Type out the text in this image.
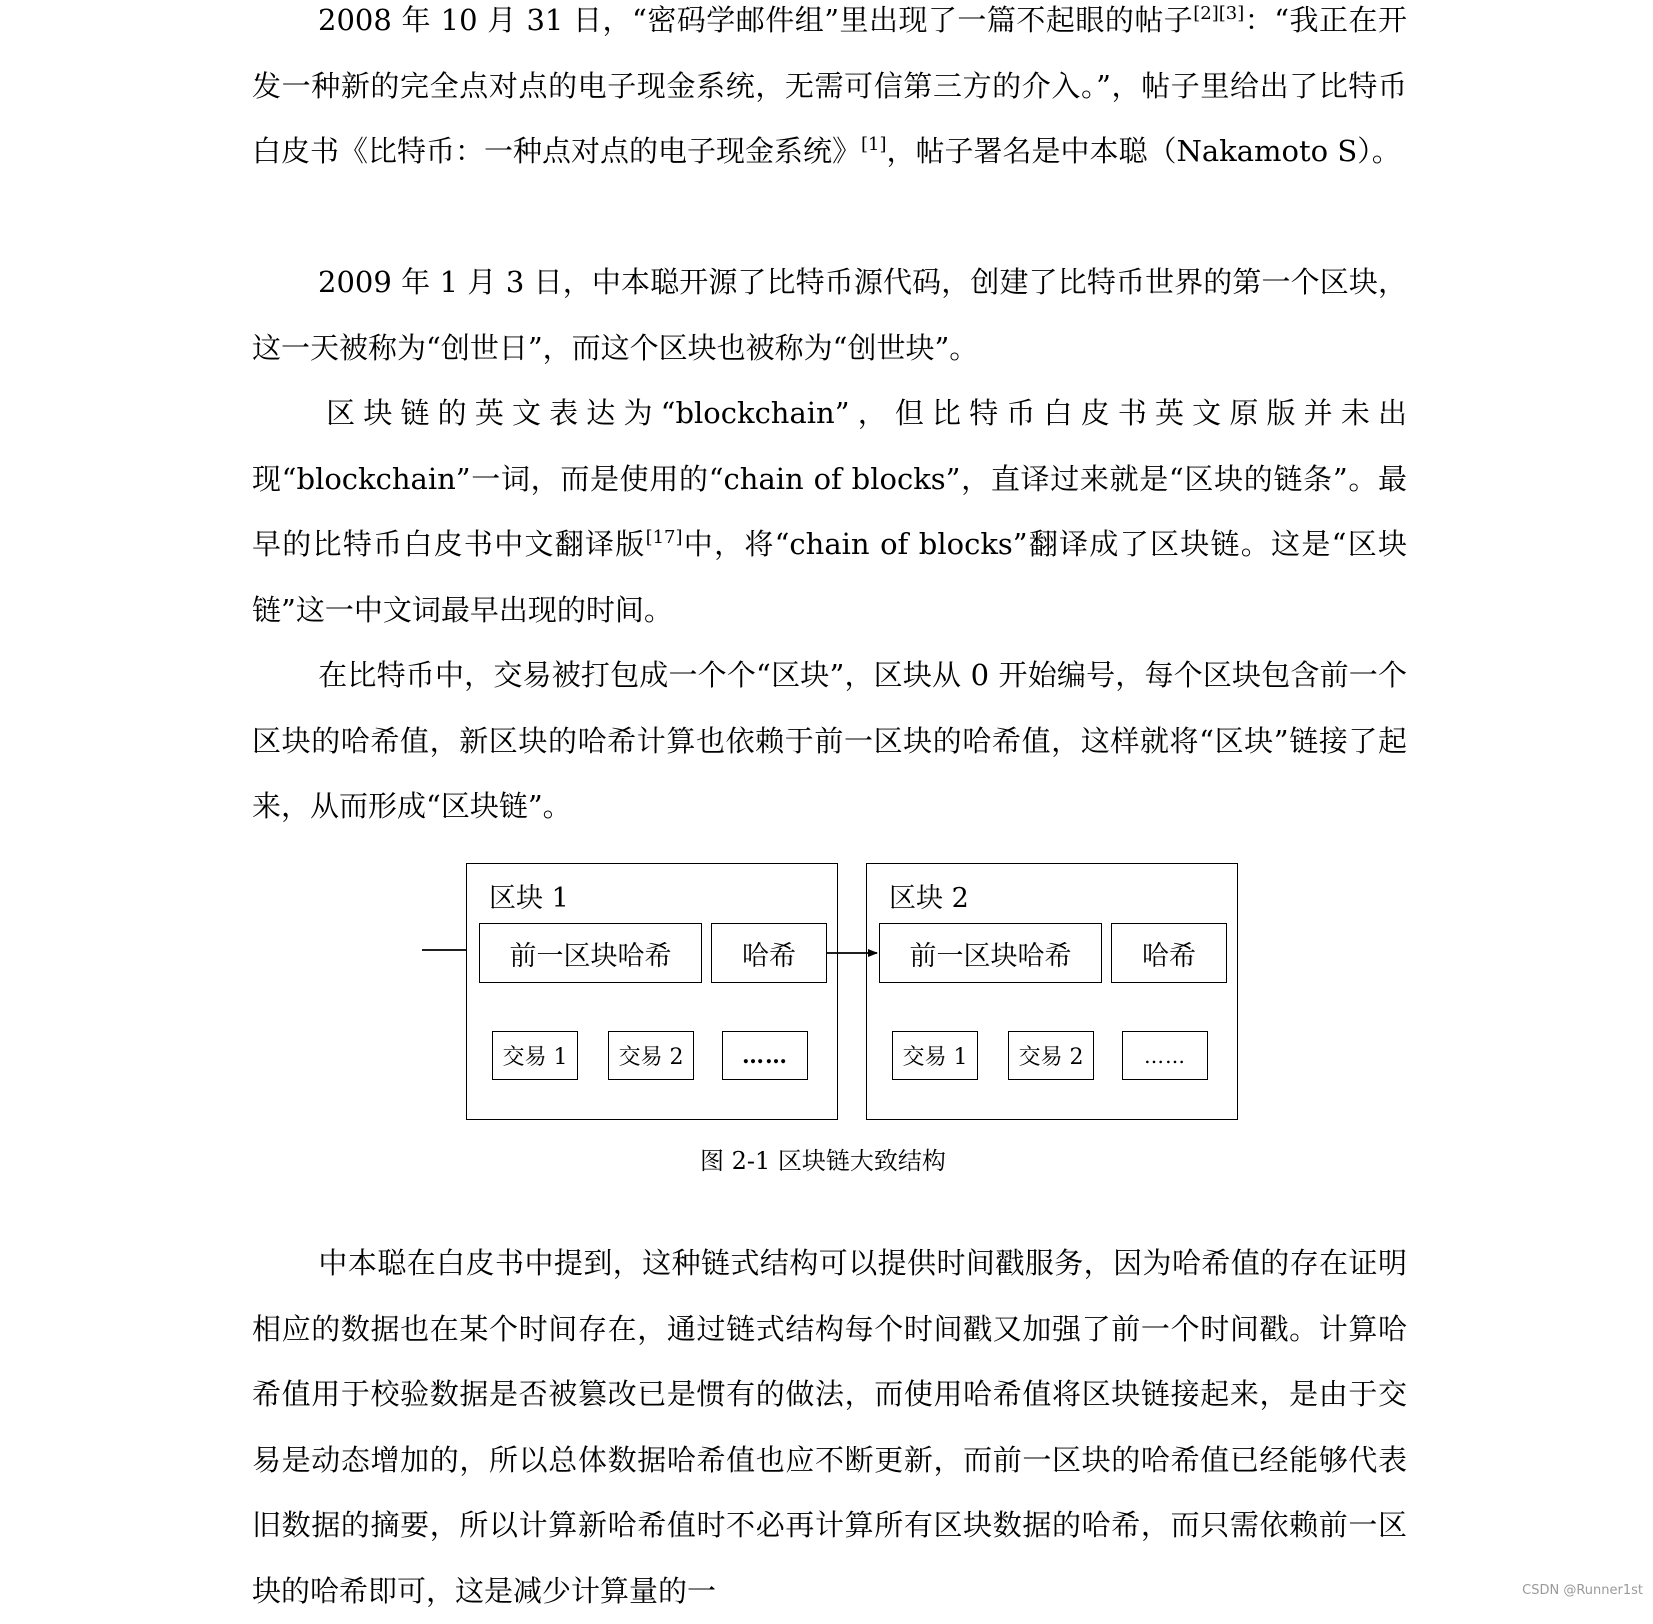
2008 年 10 月 31 日，“密码学邮件组”里出现了一篇不起眼的帖子[2][3]：“我正在开发一种新的完全点对点的电子现金系统，无需可信第三方的介入。”，帖子里给出了比特币白皮书《比特币：一种点对点的电子现金系统》[1]，帖子署名是中本聪（Nakamoto S）。

2009 年 1 月 3 日，中本聪开源了比特币源代码，创建了比特币世界的第一个区块，这一天被称为“创世日”，而这个区块也被称为“创世块”。

区块链的英文表达为“blockchain”，但比特币白皮书英文原版并未出现“blockchain”一词，而是使用的“chain of blocks”，直译过来就是“区块的链条”。最早的比特币白皮书中文翻译版[17]中，将“chain of blocks”翻译成了区块链。这是“区块链”这一中文词最早出现的时间。

在比特币中，交易被打包成一个个“区块”，区块从 0 开始编号，每个区块包含前一个区块的哈希值，新区块的哈希计算也依赖于前一区块的哈希值，这样就将“区块”链接了起来，从而形成“区块链”。

区块 1
前一区块哈希	哈希
交易 1	交易 2	……
区块 2
前一区块哈希	哈希
交易 1	交易 2	……
图 2-1 区块链大致结构

中本聪在白皮书中提到，这种链式结构可以提供时间戳服务，因为哈希值的存在证明相应的数据也在某个时间存在，通过链式结构每个时间戳又加强了前一个时间戳。计算哈希值用于校验数据是否被篡改已是惯有的做法，而使用哈希值将区块链接起来，是由于交易是动态增加的，所以总体数据哈希值也应不断更新，而前一区块的哈希值已经能够代表旧数据的摘要，所以计算新哈希值时不必再计算所有区块数据的哈希，而只需依赖前一区块的哈希即可，这是减少计算量的一	CSDN @Runner1st
